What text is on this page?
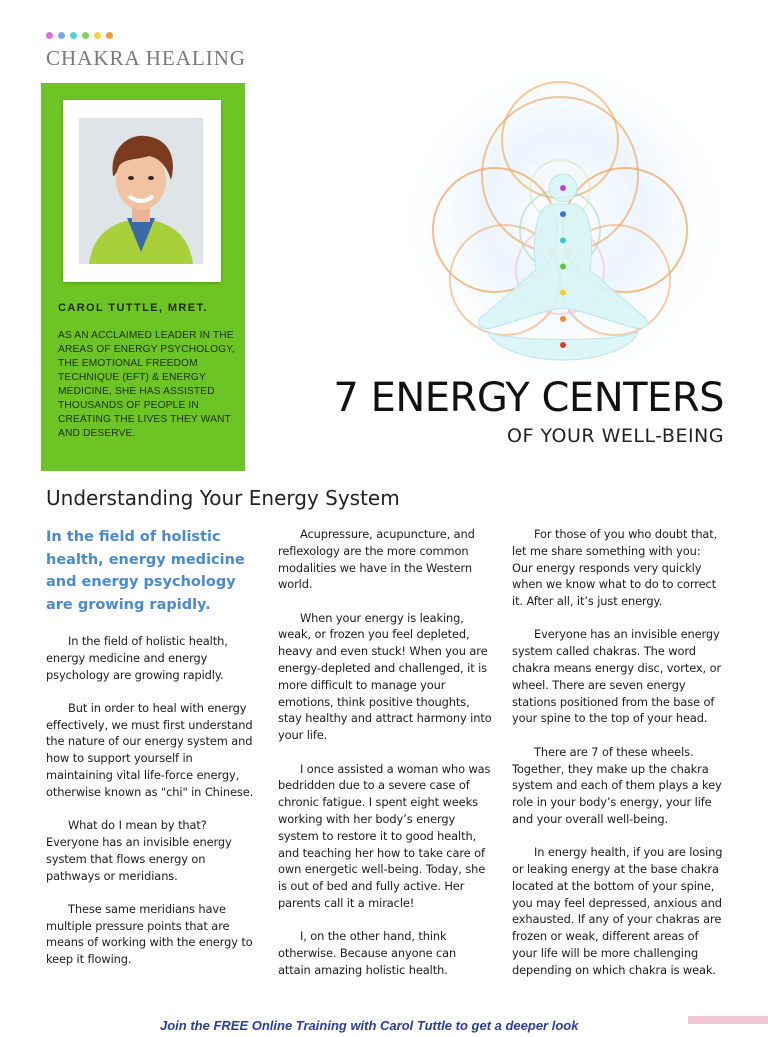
CHAKRA HEALING
CAROL TUTTLE, MRET.
AS AN ACCLAIMED LEADER IN THE AREAS OF ENERGY PSYCHOLOGY, THE EMOTIONAL FREEDOM TECHNIQUE (EFT) & ENERGY MEDICINE, SHE HAS ASSISTED THOUSANDS OF PEOPLE IN CREATING THE LIVES THEY WANT AND DESERVE.
7 ENERGY CENTERS
OF YOUR WELL-BEING
Understanding Your Energy System
In the field of holistic health, energy medicine and energy psychology are growing rapidly.

In the field of holistic health, energy medicine and energy psychology are growing rapidly.

But in order to heal with energy effectively, we must first understand the nature of our energy system and how to support yourself in maintaining vital life-force energy, otherwise known as "chi" in Chinese.

What do I mean by that? Everyone has an invisible energy system that flows energy on pathways or meridians.

These same meridians have multiple pressure points that are means of working with the energy to keep it flowing.

Acupressure, acupuncture, and reflexology are the more common modalities we have in the Western world.

When your energy is leaking, weak, or frozen you feel depleted, heavy and even stuck! When you are energy-depleted and challenged, it is more difficult to manage your emotions, think positive thoughts, stay healthy and attract harmony into your life.

I once assisted a woman who was bedridden due to a severe case of chronic fatigue. I spent eight weeks working with her body’s energy system to restore it to good health, and teaching her how to take care of own energetic well-being. Today, she is out of bed and fully active. Her parents call it a miracle!

I, on the other hand, think otherwise. Because anyone can attain amazing holistic health.

For those of you who doubt that, let me share something with you: Our energy responds very quickly when we know what to do to correct it. After all, it’s just energy.

Everyone has an invisible energy system called chakras. The word chakra means energy disc, vortex, or wheel. There are seven energy stations positioned from the base of your spine to the top of your head.

There are 7 of these wheels. Together, they make up the chakra system and each of them plays a key role in your body’s energy, your life and your overall well-being.

In energy health, if you are losing or leaking energy at the base chakra located at the bottom of your spine, you may feel depressed, anxious and exhausted. If any of your chakras are frozen or weak, different areas of your life will be more challenging depending on which chakra is weak.

Join the FREE Online Training with Carol Tuttle to get a deeper look
